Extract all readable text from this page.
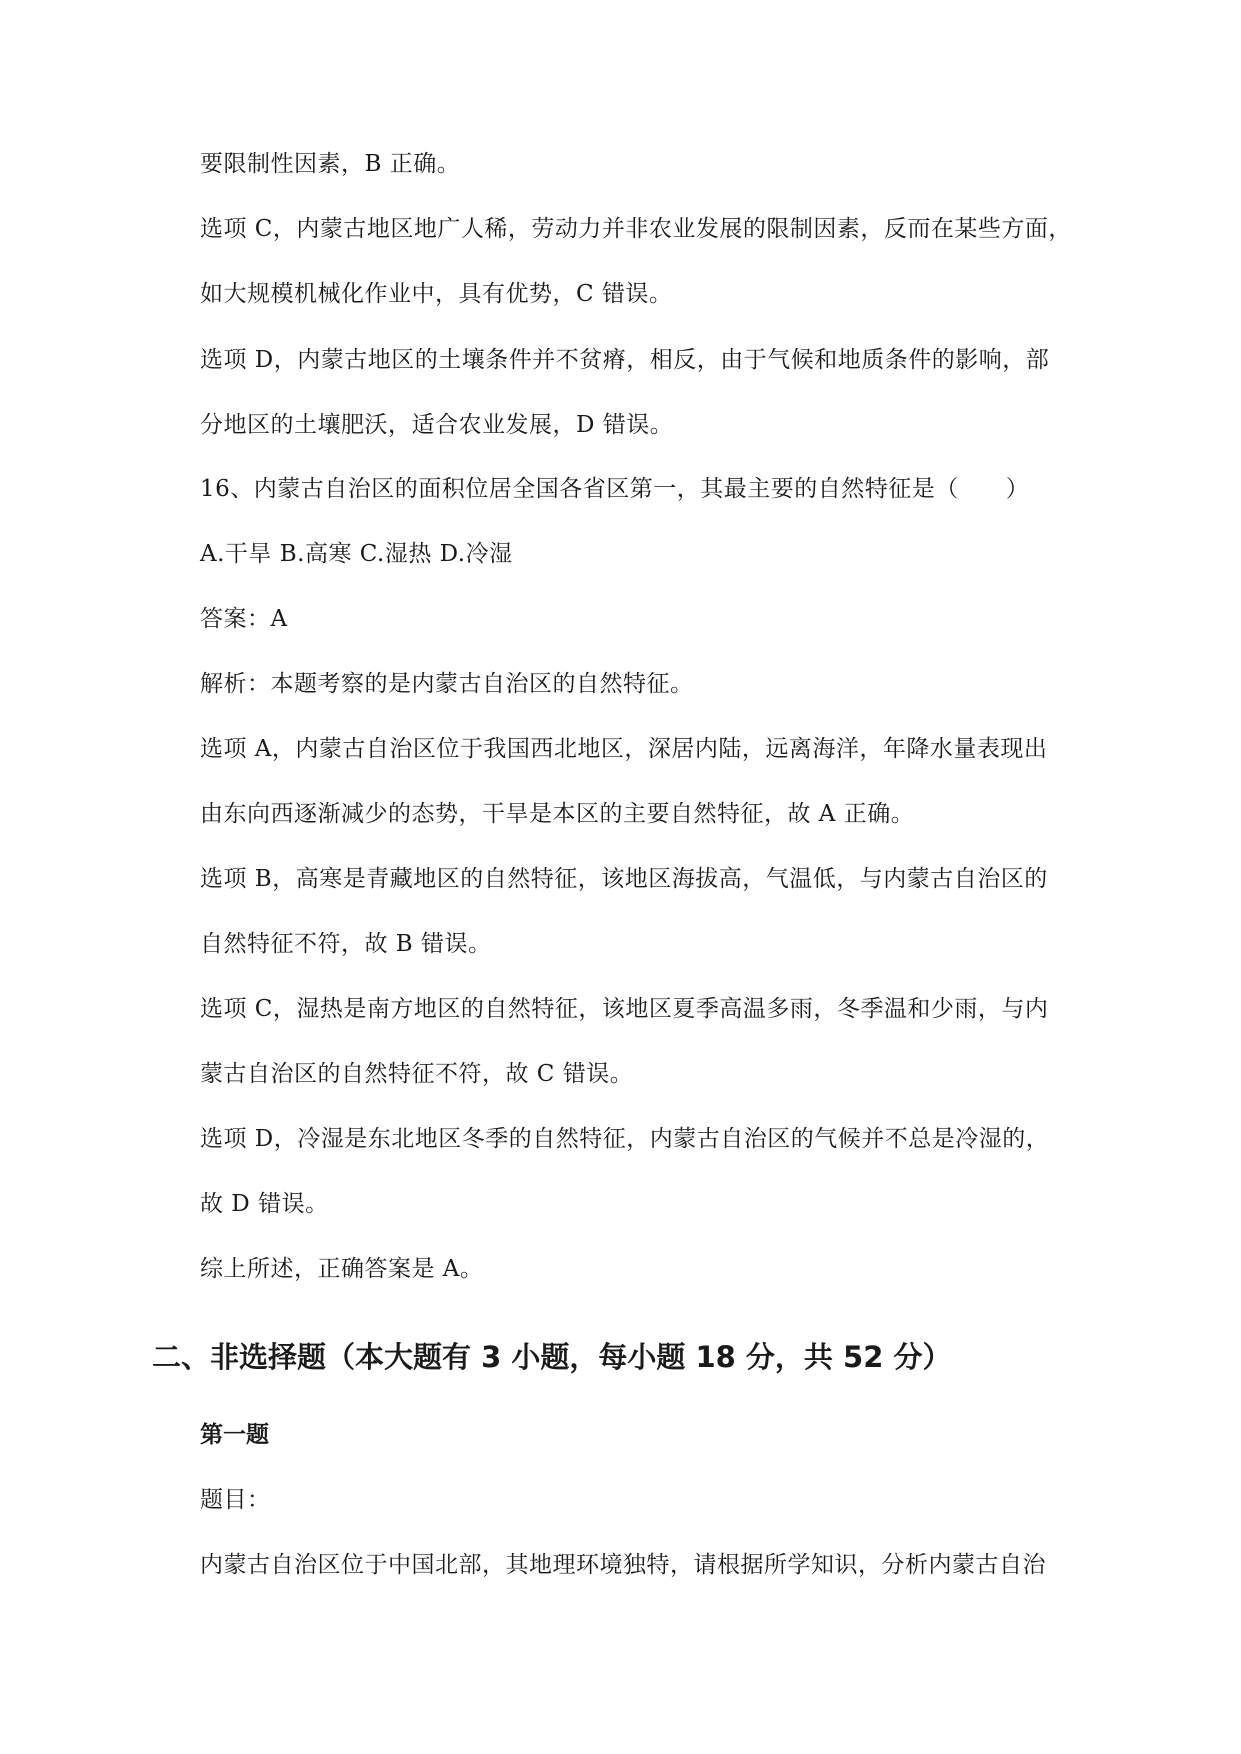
要限制性因素，B 正确。
选项 C，内蒙古地区地广人稀，劳动力并非农业发展的限制因素，反而在某些方面，
如大规模机械化作业中，具有优势，C 错误。
选项 D，内蒙古地区的土壤条件并不贫瘠，相反，由于气候和地质条件的影响，部
分地区的土壤肥沃，适合农业发展，D 错误。
16、内蒙古自治区的面积位居全国各省区第一，其最主要的自然特征是（　　）
A.干旱 B.高寒 C.湿热 D.冷湿
答案：A
解析：本题考察的是内蒙古自治区的自然特征。
选项 A，内蒙古自治区位于我国西北地区，深居内陆，远离海洋，年降水量表现出
由东向西逐渐减少的态势，干旱是本区的主要自然特征，故 A 正确。
选项 B，高寒是青藏地区的自然特征，该地区海拔高，气温低，与内蒙古自治区的
自然特征不符，故 B 错误。
选项 C，湿热是南方地区的自然特征，该地区夏季高温多雨，冬季温和少雨，与内
蒙古自治区的自然特征不符，故 C 错误。
选项 D，冷湿是东北地区冬季的自然特征，内蒙古自治区的气候并不总是冷湿的，
故 D 错误。
综上所述，正确答案是 A。
二、非选择题（本大题有 3 小题，每小题 18 分，共 52 分）
第一题
题目：
内蒙古自治区位于中国北部，其地理环境独特，请根据所学知识，分析内蒙古自治
